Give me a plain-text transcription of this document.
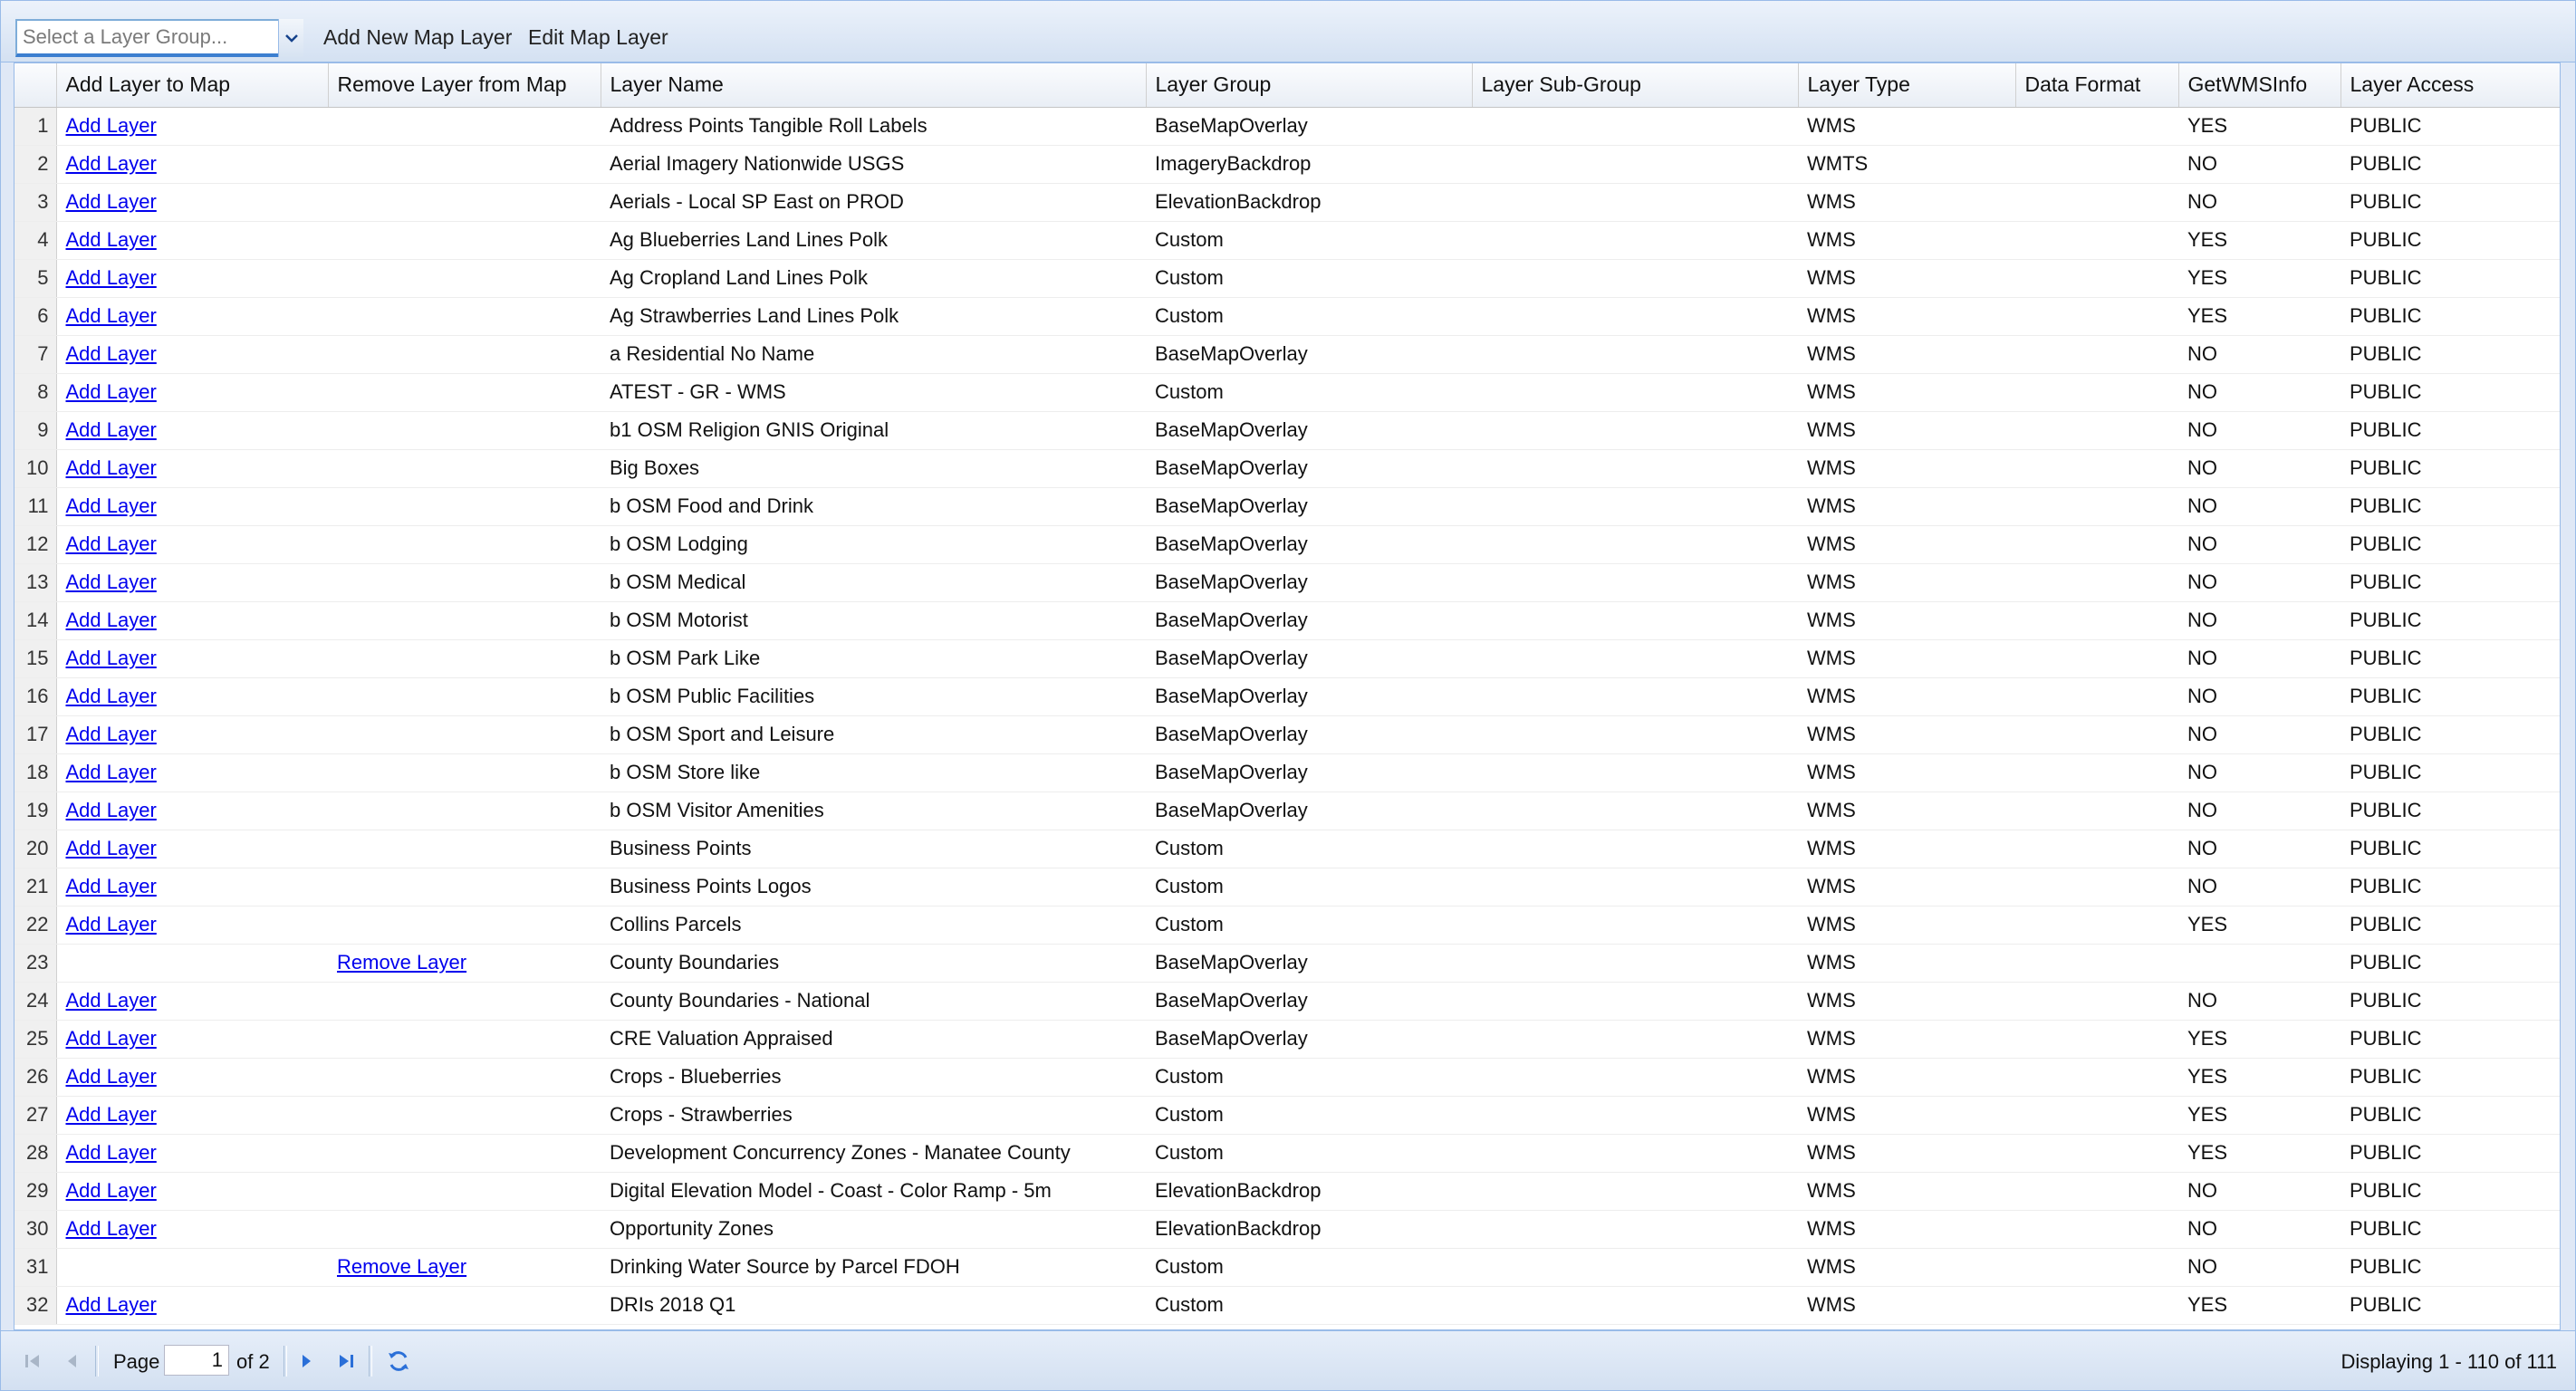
Select a Layer Group...
Add New Map Layer Edit Map Layer
	Add Layer to Map	Remove Layer from Map	Layer Name	Layer Group	Layer Sub-Group	Layer Type	Data Format	GetWMSInfo	Layer Access
1	Add Layer		Address Points Tangible Roll Labels	BaseMapOverlay		WMS		YES	PUBLIC
2	Add Layer		Aerial Imagery Nationwide USGS	ImageryBackdrop		WMTS		NO	PUBLIC
3	Add Layer		Aerials - Local SP East on PROD	ElevationBackdrop		WMS		NO	PUBLIC
4	Add Layer		Ag Blueberries Land Lines Polk	Custom		WMS		YES	PUBLIC
5	Add Layer		Ag Cropland Land Lines Polk	Custom		WMS		YES	PUBLIC
6	Add Layer		Ag Strawberries Land Lines Polk	Custom		WMS		YES	PUBLIC
7	Add Layer		a Residential No Name	BaseMapOverlay		WMS		NO	PUBLIC
8	Add Layer		ATEST - GR - WMS	Custom		WMS		NO	PUBLIC
9	Add Layer		b1 OSM Religion GNIS Original	BaseMapOverlay		WMS		NO	PUBLIC
10	Add Layer		Big Boxes	BaseMapOverlay		WMS		NO	PUBLIC
11	Add Layer		b OSM Food and Drink	BaseMapOverlay		WMS		NO	PUBLIC
12	Add Layer		b OSM Lodging	BaseMapOverlay		WMS		NO	PUBLIC
13	Add Layer		b OSM Medical	BaseMapOverlay		WMS		NO	PUBLIC
14	Add Layer		b OSM Motorist	BaseMapOverlay		WMS		NO	PUBLIC
15	Add Layer		b OSM Park Like	BaseMapOverlay		WMS		NO	PUBLIC
16	Add Layer		b OSM Public Facilities	BaseMapOverlay		WMS		NO	PUBLIC
17	Add Layer		b OSM Sport and Leisure	BaseMapOverlay		WMS		NO	PUBLIC
18	Add Layer		b OSM Store like	BaseMapOverlay		WMS		NO	PUBLIC
19	Add Layer		b OSM Visitor Amenities	BaseMapOverlay		WMS		NO	PUBLIC
20	Add Layer		Business Points	Custom		WMS		NO	PUBLIC
21	Add Layer		Business Points Logos	Custom		WMS		NO	PUBLIC
22	Add Layer		Collins Parcels	Custom		WMS		YES	PUBLIC
23		Remove Layer	County Boundaries	BaseMapOverlay		WMS			PUBLIC
24	Add Layer		County Boundaries - National	BaseMapOverlay		WMS		NO	PUBLIC
25	Add Layer		CRE Valuation Appraised	BaseMapOverlay		WMS		YES	PUBLIC
26	Add Layer		Crops - Blueberries	Custom		WMS		YES	PUBLIC
27	Add Layer		Crops - Strawberries	Custom		WMS		YES	PUBLIC
28	Add Layer		Development Concurrency Zones - Manatee County	Custom		WMS		YES	PUBLIC
29	Add Layer		Digital Elevation Model - Coast - Color Ramp - 5m	ElevationBackdrop		WMS		NO	PUBLIC
30	Add Layer		Opportunity Zones	ElevationBackdrop		WMS		NO	PUBLIC
31		Remove Layer	Drinking Water Source by Parcel FDOH	Custom		WMS		NO	PUBLIC
32	Add Layer		DRIs 2018 Q1	Custom		WMS		YES	PUBLIC
Page
1	of 2	Displaying 1 - 110 of 111
